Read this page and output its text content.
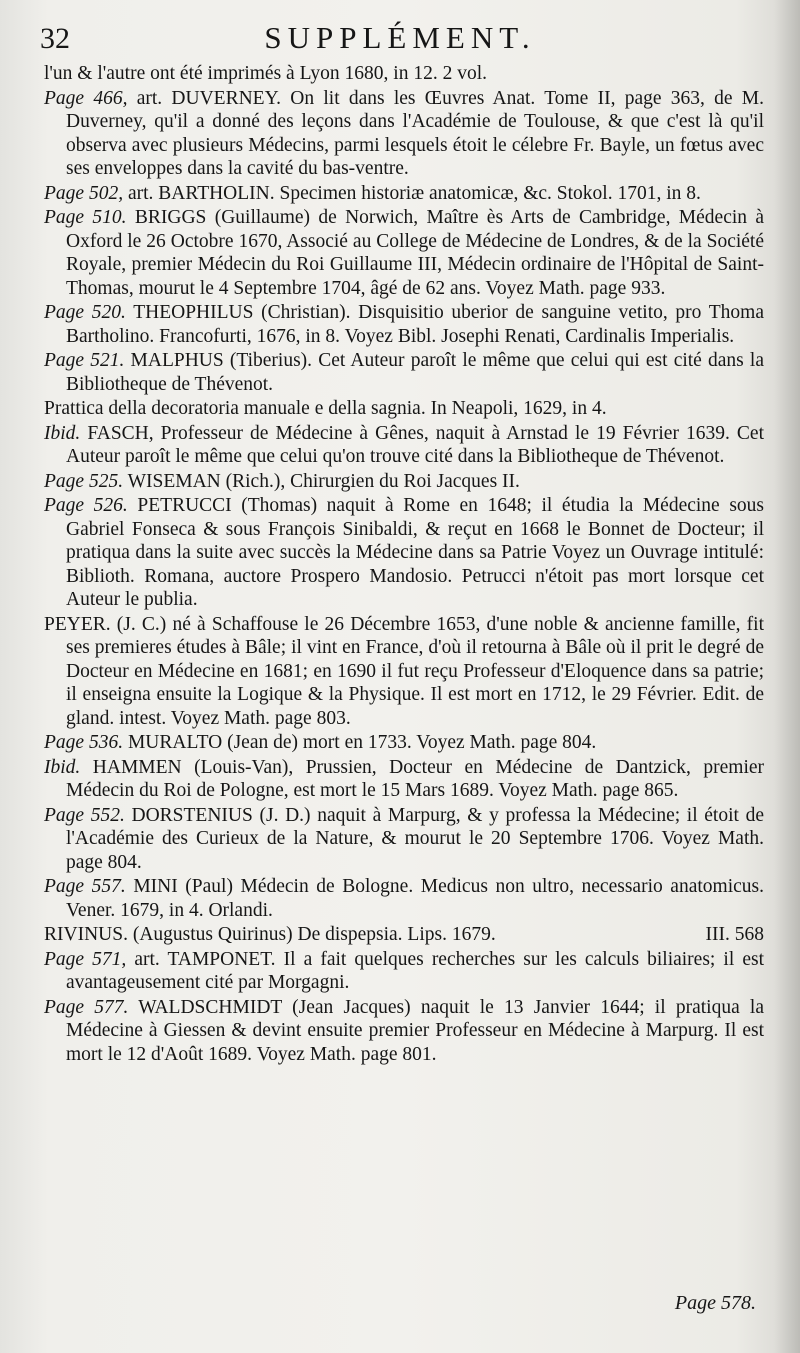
32	SUPPLÉMENT.

l'un & l'autre ont été imprimés à Lyon 1680, in 12. 2 vol.

Page 466, art. DUVERNEY. On lit dans les Œuvres Anat. Tome II, page 363, de M. Duverney, qu'il a donné des leçons dans l'Académie de Toulouse, & que c'est là qu'il observa avec plusieurs Médecins, parmi lesquels étoit le célebre Fr. Bayle, un fœtus avec ses enveloppes dans la cavité du bas-ventre.

Page 502, art. BARTHOLIN. Specimen historiæ anatomicæ, &c. Stokol. 1701, in 8.

Page 510. BRIGGS (Guillaume) de Norwich, Maître ès Arts de Cambridge, Médecin à Oxford le 26 Octobre 1670, Associé au College de Médecine de Londres, & de la Société Royale, premier Médecin du Roi Guillaume III, Médecin ordinaire de l'Hôpital de Saint-Thomas, mourut le 4 Septembre 1704, âgé de 62 ans. Voyez Math. page 933.

Page 520. THEOPHILUS (Christian). Disquisitio uberior de sanguine vetito, pro Thoma Bartholino. Francofurti, 1676, in 8. Voyez Bibl. Josephi Renati, Cardinalis Imperialis.

Page 521. MALPHUS (Tiberius). Cet Auteur paroît le même que celui qui est cité dans la Bibliotheque de Thévenot.

Prattica della decoratoria manuale e della sagnia. In Neapoli, 1629, in 4.

Ibid. FASCH, Professeur de Médecine à Gênes, naquit à Arnstad le 19 Février 1639. Cet Auteur paroît le même que celui qu'on trouve cité dans la Bibliotheque de Thévenot.

Page 525. WISEMAN (Rich.), Chirurgien du Roi Jacques II.

Page 526. PETRUCCI (Thomas) naquit à Rome en 1648; il étudia la Médecine sous Gabriel Fonseca & sous François Sinibaldi, & reçut en 1668 le Bonnet de Docteur; il pratiqua dans la suite avec succès la Médecine dans sa Patrie Voyez un Ouvrage intitulé: Biblioth. Romana, auctore Prospero Mandosio. Petrucci n'étoit pas mort lorsque cet Auteur le publia.

PEYER. (J. C.) né à Schaffouse le 26 Décembre 1653, d'une noble & ancienne famille, fit ses premieres études à Bâle; il vint en France, d'où il retourna à Bâle où il prit le degré de Docteur en Médecine en 1681; en 1690 il fut reçu Professeur d'Eloquence dans sa patrie; il enseigna ensuite la Logique & la Physique. Il est mort en 1712, le 29 Février. Edit. de gland. intest. Voyez Math. page 803.

Page 536. MURALTO (Jean de) mort en 1733. Voyez Math. page 804.

Ibid. HAMMEN (Louis-Van), Prussien, Docteur en Médecine de Dantzick, premier Médecin du Roi de Pologne, est mort le 15 Mars 1689. Voyez Math. page 865.

Page 552. DORSTENIUS (J. D.) naquit à Marpurg, & y professa la Médecine; il étoit de l'Académie des Curieux de la Nature, & mourut le 20 Septembre 1706. Voyez Math. page 804.

Page 557. MINI (Paul) Médecin de Bologne. Medicus non ultro, necessario anatomicus. Vener. 1679, in 4. Orlandi.

III. 568
RIVINUS. (Augustus Quirinus) De dispepsia. Lips. 1679.

Page 571, art. TAMPONET. Il a fait quelques recherches sur les calculs biliaires; il est avantageusement cité par Morgagni.

Page 577. WALDSCHMIDT (Jean Jacques) naquit le 13 Janvier 1644; il pratiqua la Médecine à Giessen & devint ensuite premier Professeur en Médecine à Marpurg. Il est mort le 12 d'Août 1689. Voyez Math. page 801.

Page 578.
